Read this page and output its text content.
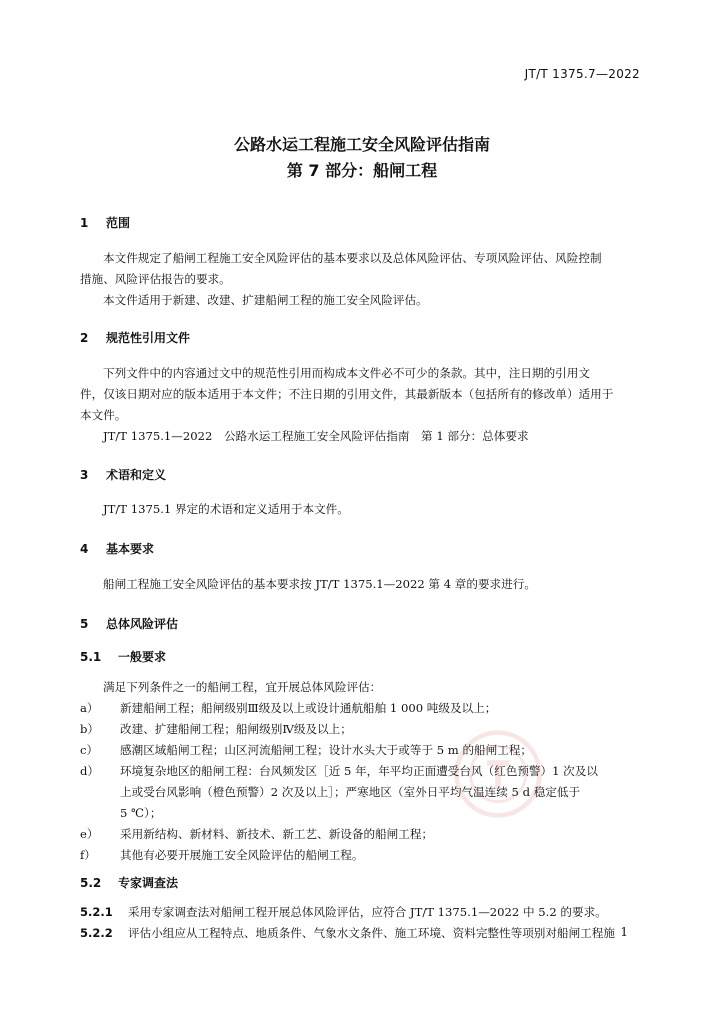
JT/T 1375.7—2022
公路水运工程施工安全风险评估指南
第 7 部分：船闸工程
1 范围
本文件规定了船闸工程施工安全风险评估的基本要求以及总体风险评估、专项风险评估、风险控制
措施、风险评估报告的要求。
本文件适用于新建、改建、扩建船闸工程的施工安全风险评估。
2 规范性引用文件
下列文件中的内容通过文中的规范性引用而构成本文件必不可少的条款。其中，注日期的引用文
件，仅该日期对应的版本适用于本文件；不注日期的引用文件，其最新版本（包括所有的修改单）适用于
本文件。
JT/T 1375.1—2022　公路水运工程施工安全风险评估指南　第 1 部分：总体要求
3 术语和定义
JT/T 1375.1 界定的术语和定义适用于本文件。
4 基本要求
船闸工程施工安全风险评估的基本要求按 JT/T 1375.1—2022 第 4 章的要求进行。
5 总体风险评估
5.1 一般要求
满足下列条件之一的船闸工程，宜开展总体风险评估：
a）	新建船闸工程；船闸级别Ⅲ级及以上或设计通航船舶 1 000 吨级及以上；
b）	改建、扩建船闸工程；船闸级别Ⅳ级及以上；
c）	感潮区域船闸工程；山区河流船闸工程；设计水头大于或等于 5 m 的船闸工程；
d）	环境复杂地区的船闸工程：台风频发区［近 5 年，年平均正面遭受台风（红色预警）1 次及以
上或受台风影响（橙色预警）2 次及以上］；严寒地区（室外日平均气温连续 5 d 稳定低于
5 ℃）；
e）	采用新结构、新材料、新技术、新工艺、新设备的船闸工程；
f）	其他有必要开展施工安全风险评估的船闸工程。
5.2 专家调查法
5.2.1 采用专家调查法对船闸工程开展总体风险评估，应符合 JT/T 1375.1—2022 中 5.2 的要求。
5.2.2 评估小组应从工程特点、地质条件、气象水文条件、施工环境、资料完整性等项别对船闸工程施 1
